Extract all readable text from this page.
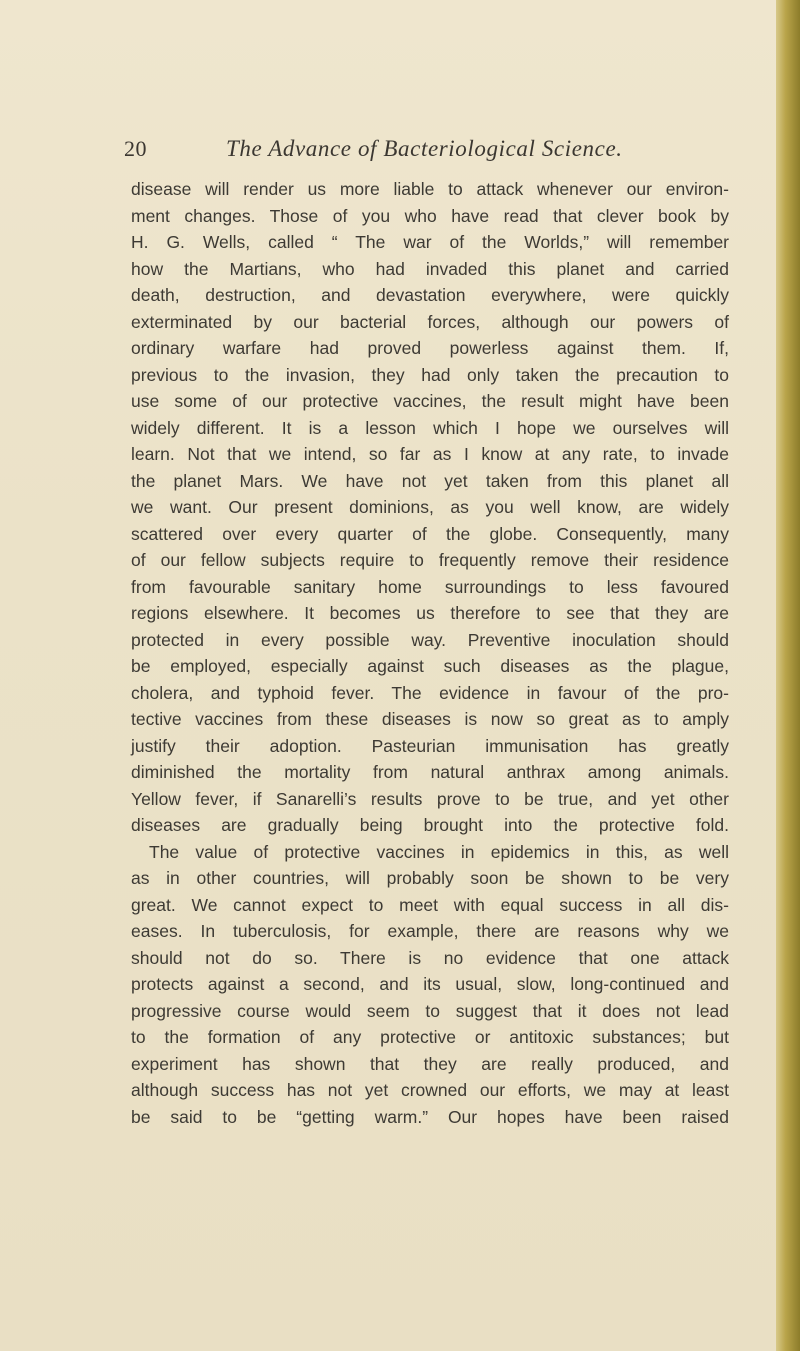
20	The Advance of Bacteriological Science.

disease will render us more liable to attack whenever our environ-

ment changes. Those of you who have read that clever book by

H. G. Wells, called “ The war of the Worlds,” will remember

how the Martians, who had invaded this planet and carried

death, destruction, and devastation everywhere, were quickly

exterminated by our bacterial forces, although our powers of

ordinary warfare had proved powerless against them. If,

previous to the invasion, they had only taken the precaution to

use some of our protective vaccines, the result might have been

widely different. It is a lesson which I hope we ourselves will

learn. Not that we intend, so far as I know at any rate, to invade

the planet Mars. We have not yet taken from this planet all

we want. Our present dominions, as you well know, are widely

scattered over every quarter of the globe. Consequently, many

of our fellow subjects require to frequently remove their residence

from favourable sanitary home surroundings to less favoured

regions elsewhere. It becomes us therefore to see that they are

protected in every possible way. Preventive inoculation should

be employed, especially against such diseases as the plague,

cholera, and typhoid fever. The evidence in favour of the pro-

tective vaccines from these diseases is now so great as to amply

justify their adoption. Pasteurian immunisation has greatly

diminished the mortality from natural anthrax among animals.

Yellow fever, if Sanarelli’s results prove to be true, and yet other

diseases are gradually being brought into the protective fold.

The value of protective vaccines in epidemics in this, as well

as in other countries, will probably soon be shown to be very

great. We cannot expect to meet with equal success in all dis-

eases. In tuberculosis, for example, there are reasons why we

should not do so. There is no evidence that one attack

protects against a second, and its usual, slow, long-continued and

progressive course would seem to suggest that it does not lead

to the formation of any protective or antitoxic substances; but

experiment has shown that they are really produced, and

although success has not yet crowned our efforts, we may at least

be said to be “getting warm.” Our hopes have been raised
